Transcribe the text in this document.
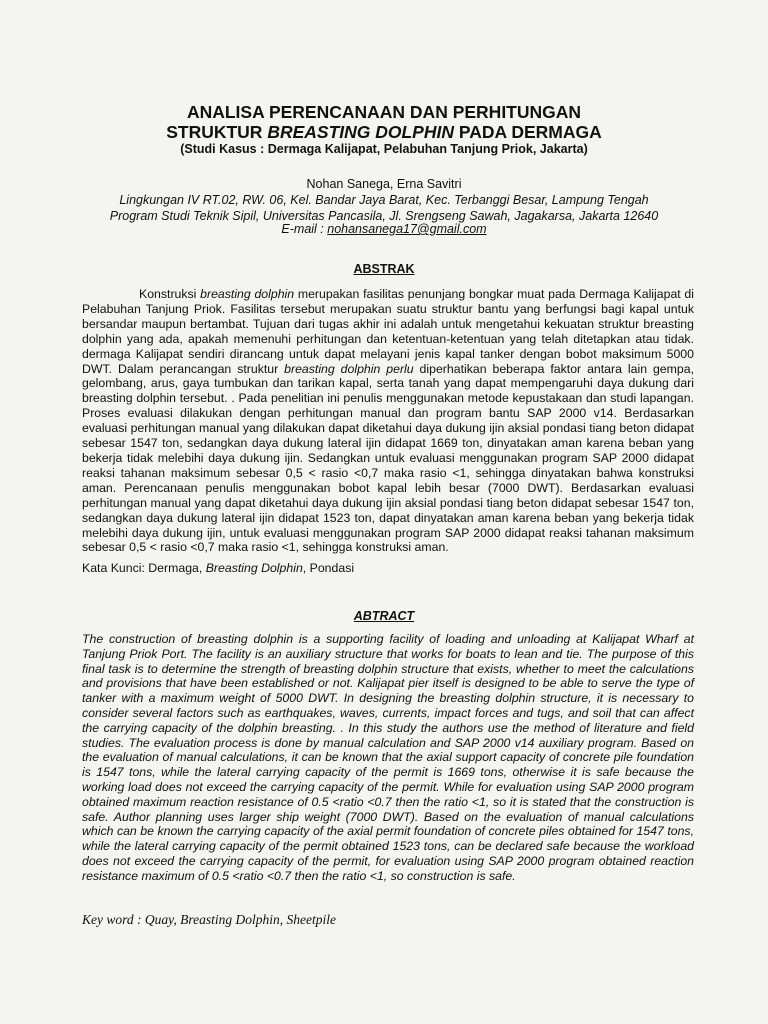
ANALISA PERENCANAAN DAN PERHITUNGAN
STRUKTUR BREASTING DOLPHIN PADA DERMAGA
(Studi Kasus : Dermaga Kalijapat, Pelabuhan Tanjung Priok, Jakarta)
Nohan Sanega, Erna Savitri
Lingkungan IV RT.02, RW. 06, Kel. Bandar Jaya Barat, Kec. Terbanggi Besar, Lampung Tengah
Program Studi Teknik Sipil, Universitas Pancasila, Jl. Srengseng Sawah, Jagakarsa, Jakarta 12640
E-mail : nohansanega17@gmail.com
ABSTRAK
Konstruksi breasting dolphin merupakan fasilitas penunjang bongkar muat pada Dermaga Kalijapat di Pelabuhan Tanjung Priok. Fasilitas tersebut merupakan suatu struktur bantu yang berfungsi bagi kapal untuk bersandar maupun bertambat. Tujuan dari tugas akhir ini adalah untuk mengetahui kekuatan struktur breasting dolphin yang ada, apakah memenuhi perhitungan dan ketentuan-ketentuan yang telah ditetapkan atau tidak. dermaga Kalijapat sendiri dirancang untuk dapat melayani jenis kapal tanker dengan bobot maksimum 5000 DWT. Dalam perancangan struktur breasting dolphin perlu diperhatikan beberapa faktor antara lain gempa, gelombang, arus, gaya tumbukan dan tarikan kapal, serta tanah yang dapat mempengaruhi daya dukung dari breasting dolphin tersebut. . Pada penelitian ini penulis menggunakan metode kepustakaan dan studi lapangan. Proses evaluasi dilakukan dengan perhitungan manual dan program bantu SAP 2000 v14. Berdasarkan evaluasi perhitungan manual yang dilakukan dapat diketahui daya dukung ijin aksial pondasi tiang beton didapat sebesar 1547 ton, sedangkan daya dukung lateral ijin didapat 1669 ton, dinyatakan aman karena beban yang bekerja tidak melebihi daya dukung ijin. Sedangkan untuk evaluasi menggunakan program SAP 2000 didapat reaksi tahanan maksimum sebesar 0,5 < rasio <0,7 maka rasio <1, sehingga dinyatakan bahwa konstruksi aman. Perencanaan penulis menggunakan bobot kapal lebih besar (7000 DWT). Berdasarkan evaluasi perhitungan manual yang dapat diketahui daya dukung ijin aksial pondasi tiang beton didapat sebesar 1547 ton, sedangkan daya dukung lateral ijin didapat 1523 ton, dapat dinyatakan aman karena beban yang bekerja tidak melebihi daya dukung ijin, untuk evaluasi menggunakan program SAP 2000 didapat reaksi tahanan maksimum sebesar 0,5 < rasio <0,7 maka rasio <1, sehingga konstruksi aman.
Kata Kunci: Dermaga, Breasting Dolphin, Pondasi
ABTRACT
The construction of breasting dolphin is a supporting facility of loading and unloading at Kalijapat Wharf at Tanjung Priok Port. The facility is an auxiliary structure that works for boats to lean and tie. The purpose of this final task is to determine the strength of breasting dolphin structure that exists, whether to meet the calculations and provisions that have been established or not. Kalijapat pier itself is designed to be able to serve the type of tanker with a maximum weight of 5000 DWT. In designing the breasting dolphin structure, it is necessary to consider several factors such as earthquakes, waves, currents, impact forces and tugs, and soil that can affect the carrying capacity of the dolphin breasting. . In this study the authors use the method of literature and field studies. The evaluation process is done by manual calculation and SAP 2000 v14 auxiliary program. Based on the evaluation of manual calculations, it can be known that the axial support capacity of concrete pile foundation is 1547 tons, while the lateral carrying capacity of the permit is 1669 tons, otherwise it is safe because the working load does not exceed the carrying capacity of the permit. While for evaluation using SAP 2000 program obtained maximum reaction resistance of 0.5 <ratio <0.7 then the ratio <1, so it is stated that the construction is safe. Author planning uses larger ship weight (7000 DWT). Based on the evaluation of manual calculations which can be known the carrying capacity of the axial permit foundation of concrete piles obtained for 1547 tons, while the lateral carrying capacity of the permit obtained 1523 tons, can be declared safe because the workload does not exceed the carrying capacity of the permit, for evaluation using SAP 2000 program obtained reaction resistance maximum of 0.5 <ratio <0.7 then the ratio <1, so construction is safe.
Key word : Quay, Breasting Dolphin, Sheetpile
